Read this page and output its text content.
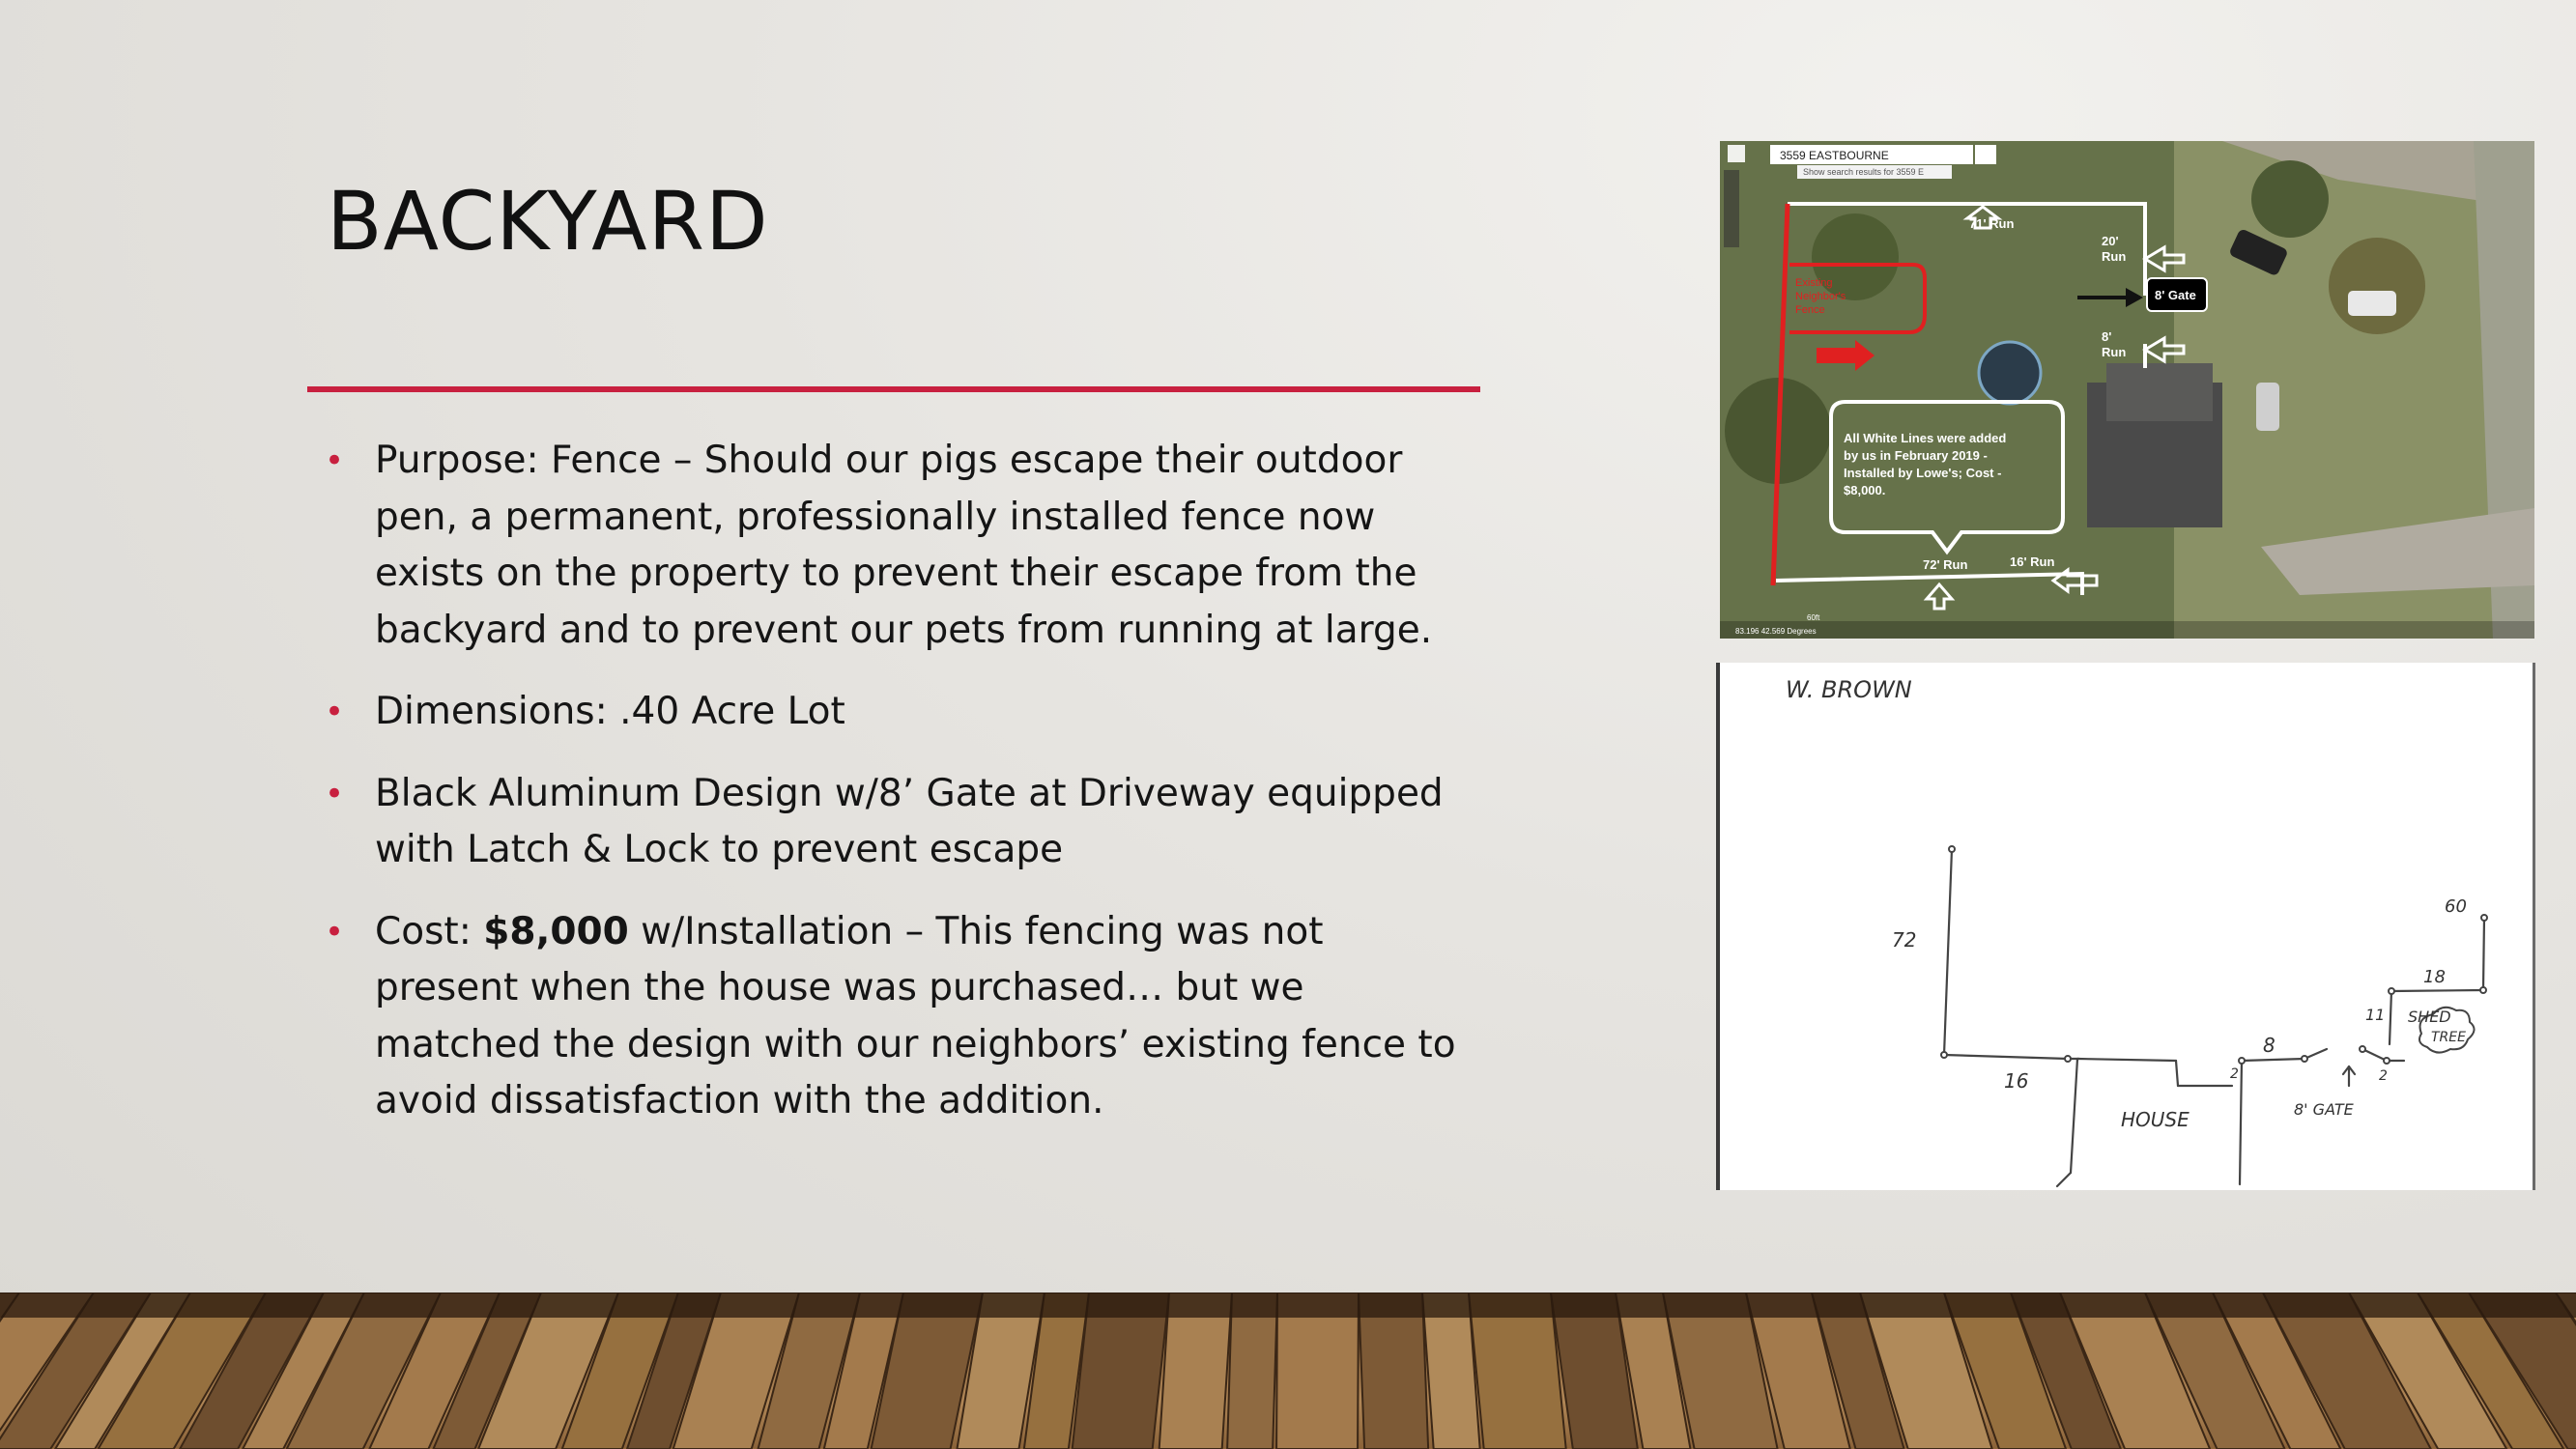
BACKYARD
• Purpose: Fence – Should our pigs escape their outdoor pen, a permanent, professionally installed fence now exists on the property to prevent their escape from the backyard and to prevent our pets from running at large.
• Dimensions: .40 Acre Lot
• Black Aluminum Design w/8’ Gate at Driveway equipped with Latch & Lock to prevent escape
• Cost: $8,000 w/Installation – This fencing was not present when the house was purchased… but we matched the design with our neighbors’ existing fence to avoid dissatisfaction with the addition.
3559 EASTBOURNE
Show search results for 3559 E
Existing
Neighbor's
Fence
All White Lines were added
by us in February 2019 -
Installed by Lowe's; Cost -
$8,000.
71' Run
20'
Run
8'
Run
72' Run	16' Run
8' Gate
83.196 42.569 Degrees
60ft
W. BROWN
72
16
HOUSE
8
2	2
8' GATE
11 SHED
TREE
18
60
